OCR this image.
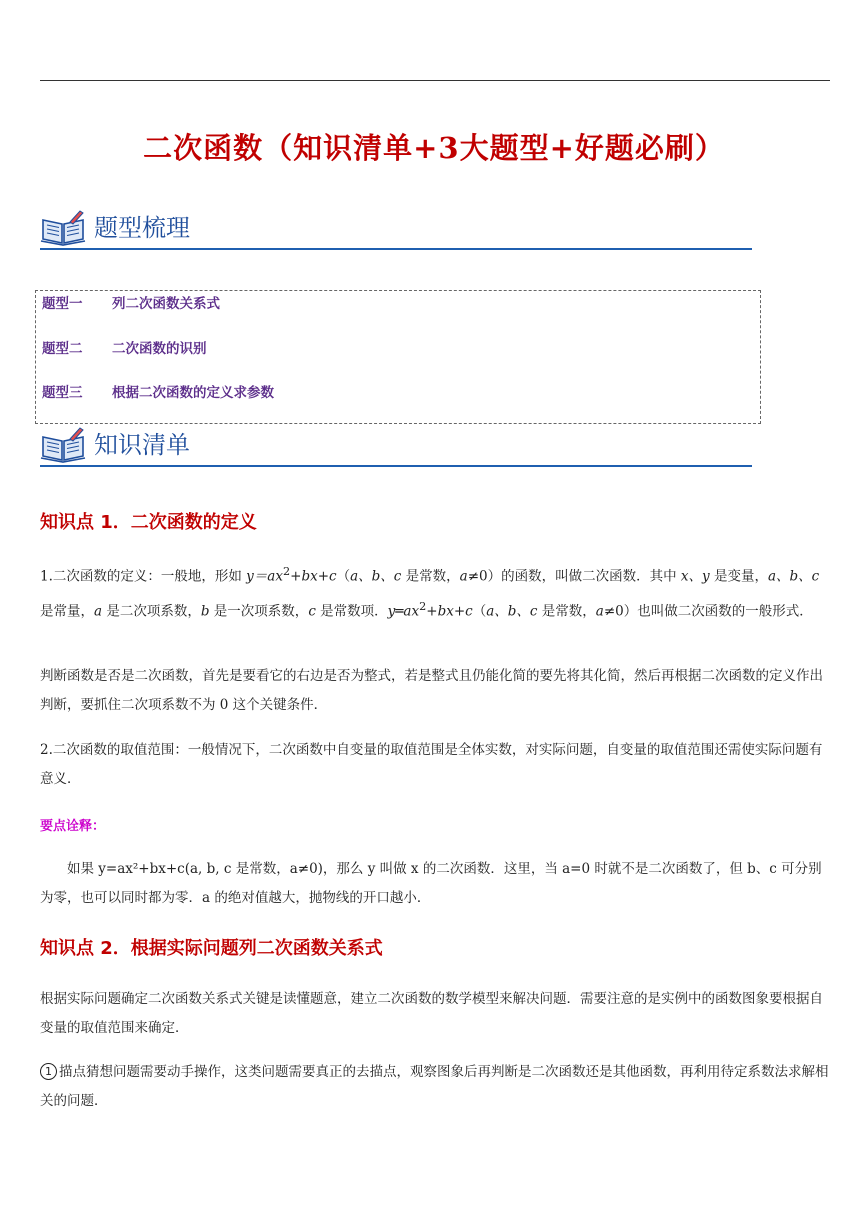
二次函数（知识清单+3大题型+好题必刷）
题型梳理
题型一 列二次函数关系式
题型二 二次函数的识别
题型三 根据二次函数的定义求参数
知识清单
知识点 1．二次函数的定义
1.二次函数的定义：一般地，形如 $y=ax^2+bx+c(a$、b、c 是常数，a≠0）的函数，叫做二次函数．其中 x、y 是变量，a、b、c 是常量，a 是二次项系数，b 是一次项系数，c 是常数项．$y═ax^2+bx+c(a$、b、c 是常数，a≠0）也叫做二次函数的一般形式．
判断函数是否是二次函数，首先是要看它的右边是否为整式，若是整式且仍能化简的要先将其化简，然后再根据二次函数的定义作出判断，要抓住二次项系数不为 0 这个关键条件．
2.二次函数的取值范围：一般情况下，二次函数中自变量的取值范围是全体实数，对实际问题，自变量的取值范围还需使实际问题有意义．
要点诠释：
如果 y=ax²+bx+c(a, b, c 是常数，a≠0)，那么 y 叫做 x 的二次函数．这里，当 a=0 时就不是二次函数了，但 b、c 可分别为零，也可以同时都为零．a 的绝对值越大，抛物线的开口越小．
知识点 2．根据实际问题列二次函数关系式
根据实际问题确定二次函数关系式关键是读懂题意，建立二次函数的数学模型来解决问题．需要注意的是实例中的函数图象要根据自变量的取值范围来确定．
1 描点猜想问题需要动手操作，这类问题需要真正的去描点，观察图象后再判断是二次函数还是其他函数，再利用待定系数法求解相关的问题．
